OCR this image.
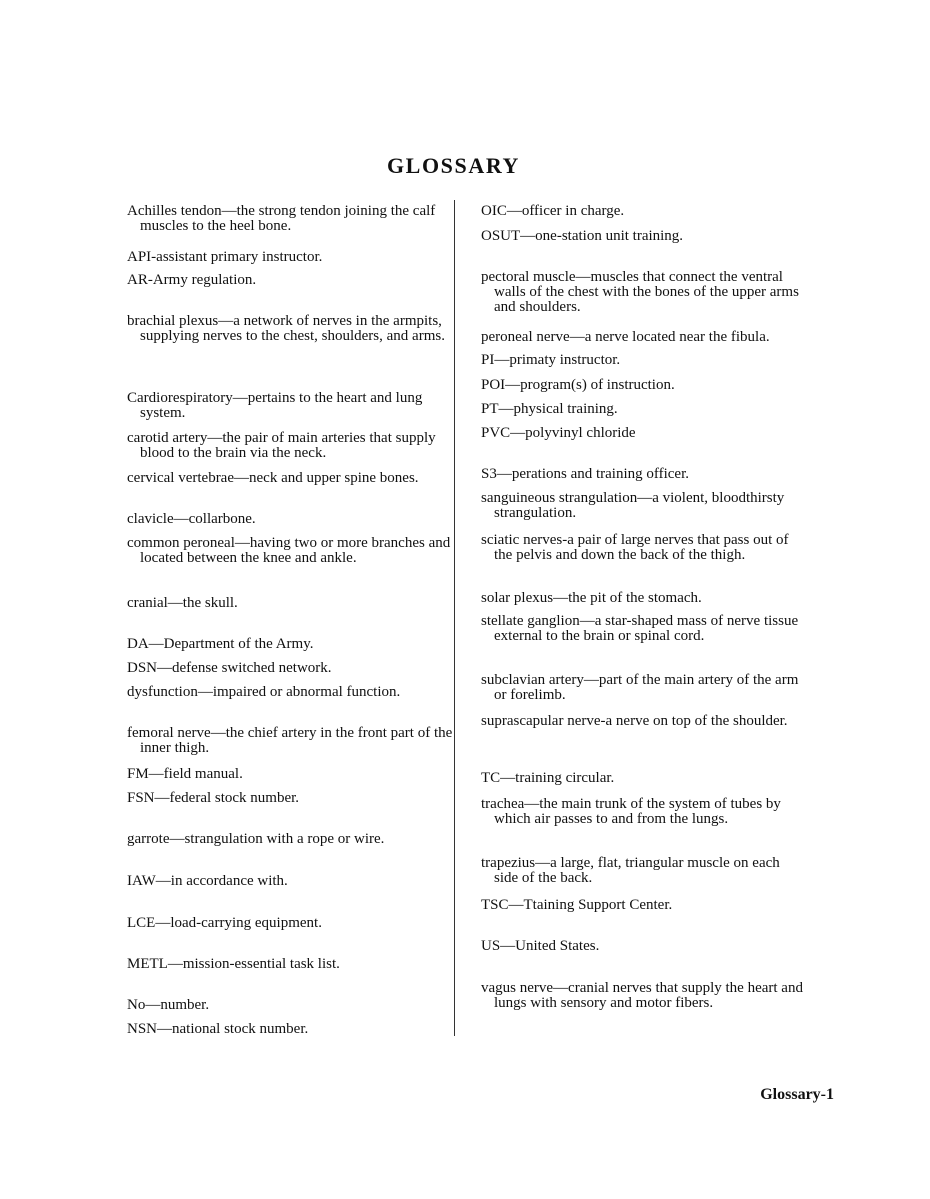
GLOSSARY
Achilles tendon—the strong tendon joining the calf muscles to the heel bone.
API-assistant primary instructor.
AR-Army regulation.
brachial plexus—a network of nerves in the armpits, supplying nerves to the chest, shoulders, and arms.
Cardiorespiratory—pertains to the heart and lung system.
carotid artery—the pair of main arteries that supply blood to the brain via the neck.
cervical vertebrae—neck and upper spine bones.
clavicle—collarbone.
common peroneal—having two or more branches and located between the knee and ankle.
cranial—the skull.
DA—Department of the Army.
DSN—defense switched network.
dysfunction—impaired or abnormal function.
femoral nerve—the chief artery in the front part of the inner thigh.
FM—field manual.
FSN—federal stock number.
garrote—strangulation with a rope or wire.
IAW—in accordance with.
LCE—load-carrying equipment.
METL—mission-essential task list.
No—number.
NSN—national stock number.
OIC—officer in charge.
OSUT—one-station unit training.
pectoral muscle—muscles that connect the ventral walls of the chest with the bones of the upper arms and shoulders.
peroneal nerve—a nerve located near the fibula.
PI—primaty instructor.
POI—program(s) of instruction.
PT—physical training.
PVC—polyvinyl chloride
S3—perations and training officer.
sanguineous strangulation—a violent, bloodthirsty strangulation.
sciatic nerves-a pair of large nerves that pass out of the pelvis and down the back of the thigh.
solar plexus—the pit of the stomach.
stellate ganglion—a star-shaped mass of nerve tissue external to the brain or spinal cord.
subclavian artery—part of the main artery of the arm or forelimb.
suprascapular nerve-a nerve on top of the shoulder.
TC—training circular.
trachea—the main trunk of the system of tubes by which air passes to and from the lungs.
trapezius—a large, flat, triangular muscle on each side of the back.
TSC—Ttaining Support Center.
US—United States.
vagus nerve—cranial nerves that supply the heart and lungs with sensory and motor fibers.
Glossary-1
